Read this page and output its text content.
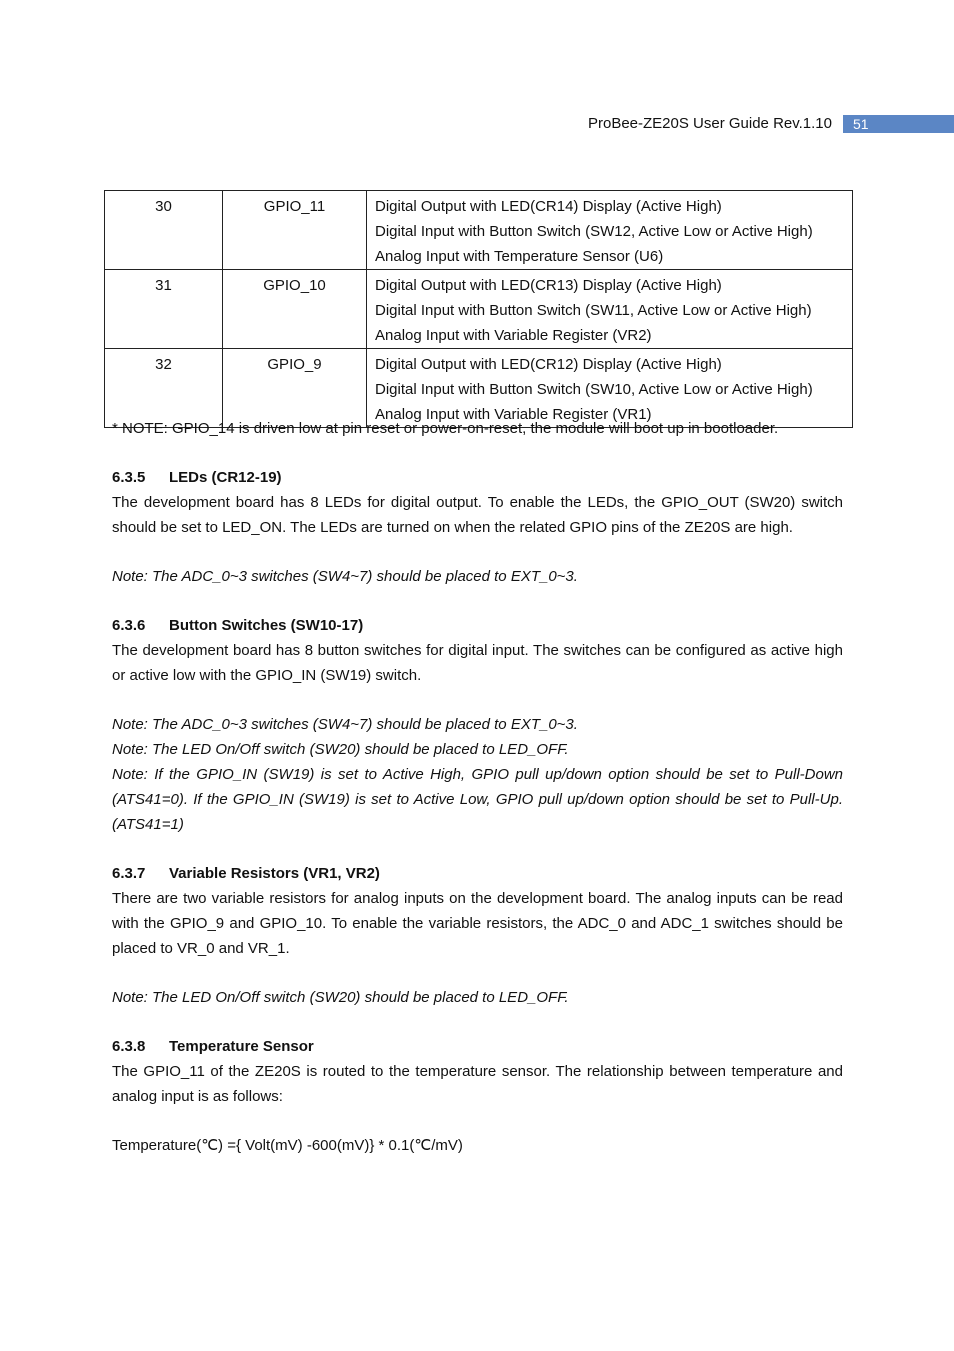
ProBee-ZE20S User Guide Rev.1.10	51
30	GPIO_11	Digital Output with LED(CR14) Display (Active High)
Digital Input with Button Switch (SW12, Active Low or Active High)
Analog Input with Temperature Sensor (U6)

31	GPIO_10	Digital Output with LED(CR13) Display (Active High)
Digital Input with Button Switch (SW11, Active Low or Active High)
Analog Input with Variable Register (VR2)

32	GPIO_9	Digital Output with LED(CR12) Display (Active High)
Digital Input with Button Switch (SW10, Active Low or Active High)
Analog Input with Variable Register (VR1)

* NOTE: GPIO_14 is driven low at pin reset or power-on-reset, the module will boot up in bootloader.

6.3.5 LEDs (CR12-19)

The development board has 8 LEDs for digital output. To enable the LEDs, the GPIO_OUT (SW20) switch should be set to LED_ON. The LEDs are turned on when the related GPIO pins of the ZE20S are high.

Note: The ADC_0~3 switches (SW4~7) should be placed to EXT_0~3.

6.3.6 Button Switches (SW10-17)

The development board has 8 button switches for digital input. The switches can be configured as active high or active low with the GPIO_IN (SW19) switch.

Note: The ADC_0~3 switches (SW4~7) should be placed to EXT_0~3.

Note: The LED On/Off switch (SW20) should be placed to LED_OFF.

Note: If the GPIO_IN (SW19) is set to Active High, GPIO pull up/down option should be set to Pull-Down (ATS41=0). If the GPIO_IN (SW19) is set to Active Low, GPIO pull up/down option should be set to Pull-Up. (ATS41=1)

6.3.7 Variable Resistors (VR1, VR2)

There are two variable resistors for analog inputs on the development board. The analog inputs can be read with the GPIO_9 and GPIO_10. To enable the variable resistors, the ADC_0 and ADC_1 switches should be placed to VR_0 and VR_1.

Note: The LED On/Off switch (SW20) should be placed to LED_OFF.

6.3.8 Temperature Sensor

The GPIO_11 of the ZE20S is routed to the temperature sensor. The relationship between temperature and analog input is as follows:

Temperature(℃) ={ Volt(mV) -600(mV)} * 0.1(℃/mV)
